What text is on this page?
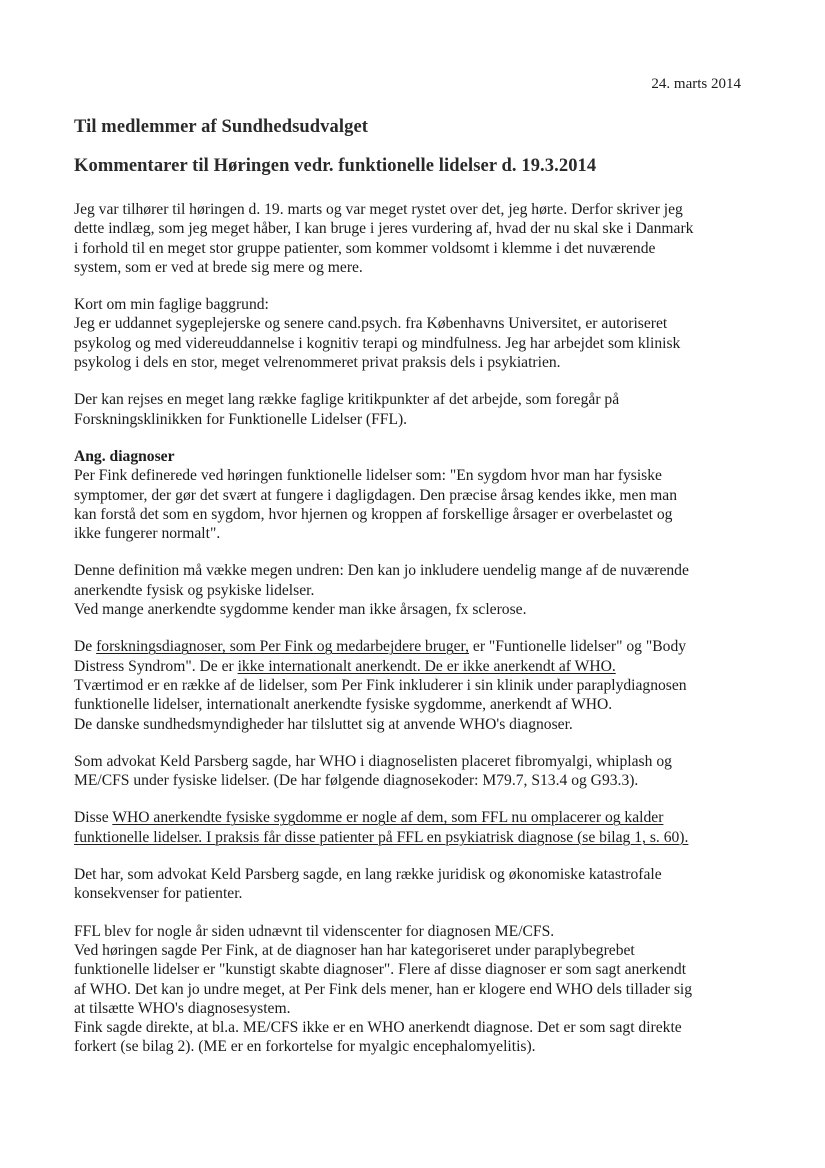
24. marts 2014
Til medlemmer af Sundhedsudvalget
Kommentarer til Høringen vedr. funktionelle lidelser d. 19.3.2014
Jeg var tilhører til høringen d. 19. marts og var meget rystet over det, jeg hørte. Derfor skriver jeg
dette indlæg, som jeg meget håber, I kan bruge i jeres vurdering af, hvad der nu skal ske i Danmark
i forhold til en meget stor gruppe patienter, som kommer voldsomt i klemme i det nuværende
system, som er ved at brede sig mere og mere.
Kort om min faglige baggrund:
Jeg er uddannet sygeplejerske og senere cand.psych. fra Københavns Universitet, er autoriseret
psykolog og med videreuddannelse i kognitiv terapi og mindfulness. Jeg har arbejdet som klinisk
psykolog i dels en stor, meget velrenommeret privat praksis dels i psykiatrien.
Der kan rejses en meget lang række faglige kritikpunkter af det arbejde, som foregår på
Forskningsklinikken for Funktionelle Lidelser (FFL).
Ang. diagnoser
Per Fink definerede ved høringen funktionelle lidelser som: "En sygdom hvor man har fysiske
symptomer, der gør det svært at fungere i dagligdagen. Den præcise årsag kendes ikke, men man
kan forstå det som en sygdom, hvor hjernen og kroppen af forskellige årsager er overbelastet og
ikke fungerer normalt".
Denne definition må vække megen undren: Den kan jo inkludere uendelig mange af de nuværende
anerkendte fysisk og psykiske lidelser.
Ved mange anerkendte sygdomme kender man ikke årsagen, fx sclerose.
De forskningsdiagnoser, som Per Fink og medarbejdere bruger, er "Funtionelle lidelser" og "Body
Distress Syndrom". De er ikke internationalt anerkendt. De er ikke anerkendt af WHO.
Tværtimod er en række af de lidelser, som Per Fink inkluderer i sin klinik under paraplydiagnosen
funktionelle lidelser, internationalt anerkendte fysiske sygdomme, anerkendt af WHO.
De danske sundhedsmyndigheder har tilsluttet sig at anvende WHO's diagnoser.
Som advokat Keld Parsberg sagde, har WHO i diagnoselisten placeret fibromyalgi, whiplash og
ME/CFS under fysiske lidelser. (De har følgende diagnosekoder: M79.7, S13.4 og G93.3).
Disse WHO anerkendte fysiske sygdomme er nogle af dem, som FFL nu omplacerer og kalder
funktionelle lidelser. I praksis får disse patienter på FFL en psykiatrisk diagnose (se bilag 1, s. 60).
Det har, som advokat Keld Parsberg sagde, en lang række juridisk og økonomiske katastrofale
konsekvenser for patienter.
FFL blev for nogle år siden udnævnt til videnscenter for diagnosen ME/CFS.
Ved høringen sagde Per Fink, at de diagnoser han har kategoriseret under paraplybegrebet
funktionelle lidelser er "kunstigt skabte diagnoser". Flere af disse diagnoser er som sagt anerkendt
af WHO. Det kan jo undre meget, at Per Fink dels mener, han er klogere end WHO dels tillader sig
at tilsætte WHO's diagnosesystem.
Fink sagde direkte, at bl.a. ME/CFS ikke er en WHO anerkendt diagnose. Det er som sagt direkte
forkert (se bilag 2). (ME er en forkortelse for myalgic encephalomyelitis).
